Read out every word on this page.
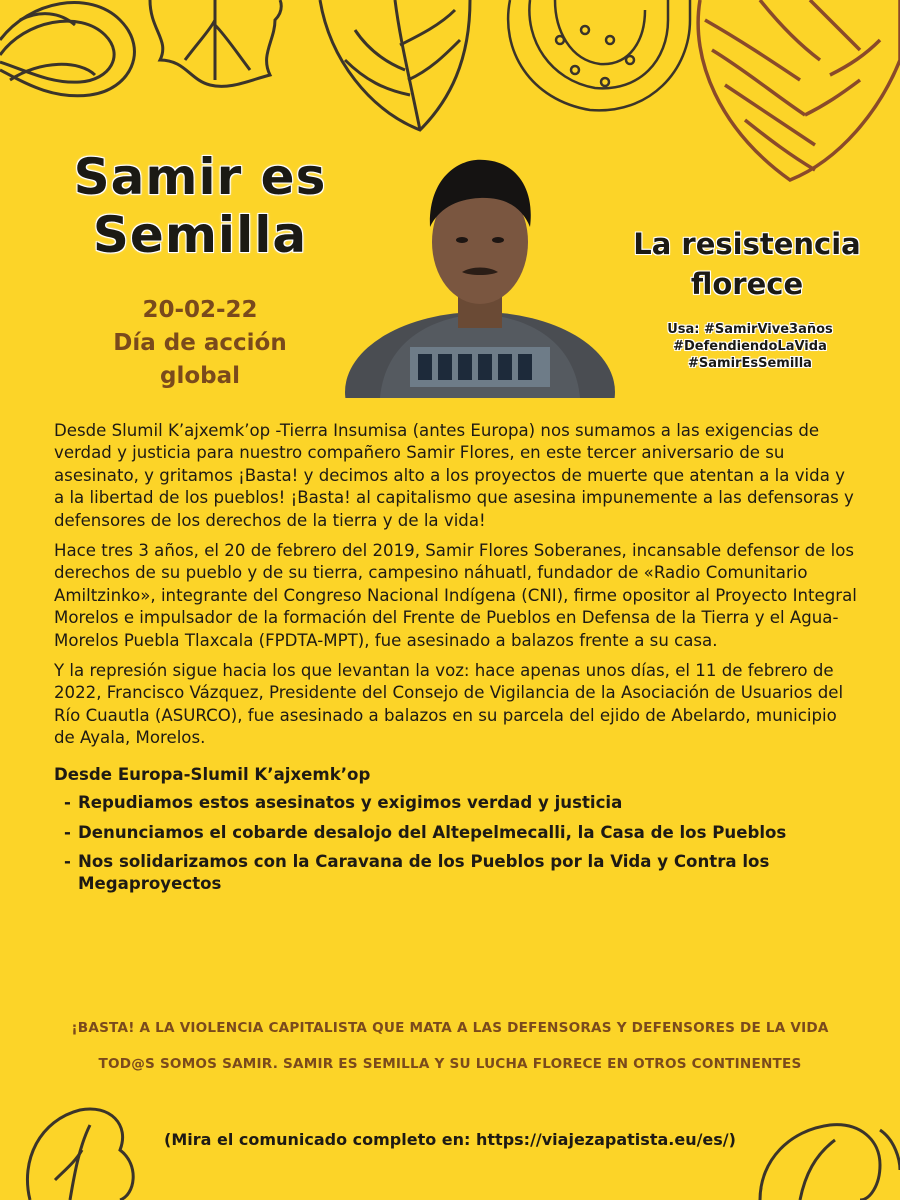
Samir es
Semilla
20-02-22
Día de acción
global
La resistencia
florece
Usa: #SamirVive3años
#DefendiendoLaVida
#SamirEsSemilla

Desde Slumil K’ajxemk’op -Tierra Insumisa (antes Europa) nos sumamos a las exigencias de verdad y justicia para nuestro compañero Samir Flores, en este tercer aniversario de su asesinato, y gritamos ¡Basta! y decimos alto a los proyectos de muerte que atentan a la vida y a la libertad de los pueblos! ¡Basta! al capitalismo que asesina impunemente a las defensoras y defensores de los derechos de la tierra y de la vida!

Hace tres 3 años, el 20 de febrero del 2019, Samir Flores Soberanes, incansable defensor de los derechos de su pueblo y de su tierra, campesino náhuatl, fundador de «Radio Comunitario Amiltzinko», integrante del Congreso Nacional Indígena (CNI), firme opositor al Proyecto Integral Morelos e impulsador de la formación del Frente de Pueblos en Defensa de la Tierra y el Agua-Morelos Puebla Tlaxcala (FPDTA-MPT), fue asesinado a balazos frente a su casa.

Y la represión sigue hacia los que levantan la voz: hace apenas unos días, el 11 de febrero de 2022, Francisco Vázquez, Presidente del Consejo de Vigilancia de la Asociación de Usuarios del Río Cuautla (ASURCO), fue asesinado a balazos en su parcela del ejido de Abelardo, municipio de Ayala, Morelos.

Desde Europa-Slumil K’ajxemk’op
- Repudiamos estos asesinatos y exigimos verdad y justicia
- Denunciamos el cobarde desalojo del Altepelmecalli, la Casa de los Pueblos
- Nos solidarizamos con la Caravana de los Pueblos por la Vida y Contra los Megaproyectos
¡BASTA! A LA VIOLENCIA CAPITALISTA QUE MATA A LAS DEFENSORAS Y DEFENSORES DE LA VIDA
TOD@S SOMOS SAMIR. SAMIR ES SEMILLA Y SU LUCHA FLORECE EN OTROS CONTINENTES
(Mira el comunicado completo en: https://viajezapatista.eu/es/)
